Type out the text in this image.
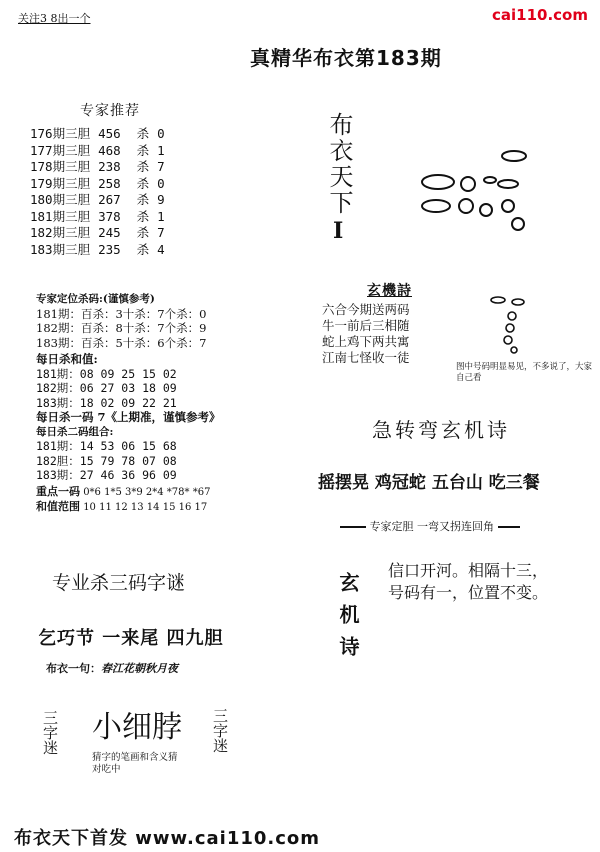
关注3 8出一个	cai110.com
真精华布衣第183期
专家推荐
176期三胆 456 杀 0
177期三胆 468 杀 1
178期三胆 238 杀 7
179期三胆 258 杀 0
180期三胆 267 杀 9
181期三胆 378 杀 1
182期三胆 245 杀 7
183期三胆 235 杀 4
专家定位杀码:(谨慎参考)
181期：百杀：3十杀：7个杀：0
182期：百杀：8十杀：7个杀：9
183期：百杀：5十杀：6个杀：7
每日杀和值:
181期：08 09 25 15 02
182期：06 27 03 18 09
183期：18 02 09 22 21
每日杀一码 7《上期准，谨慎参考》
每日杀二码组合:
181期：14 53 06 15 68
182胆：15 79 78 07 08
183期：27 46 36 96 09
重点一码 0*6 1*5 3*9 2*4 *78* *67
和值范围 10 11 12 13 14 15 16 17
专业杀三码字谜
乞巧节 一来尾 四九胆
布衣一句：春江花朝秋月夜
三字迷 小细脖
猜字的笔画和含义猜对吃中
三字迷
布衣天下
I
玄機詩
六合今期送两码
牛一前后三相随
蛇上鸡下两共寓
江南七怪收一徒
图中号码明显易见，不多说了，大家自己看
急转弯玄机诗
摇摆晃 鸡冠蛇 五台山 吃三餐
专家定胆 一弯又拐连回角
玄机诗
信口开河。相隔十三，
号码有一，位置不变。
布衣天下首发 www.cai110.com
